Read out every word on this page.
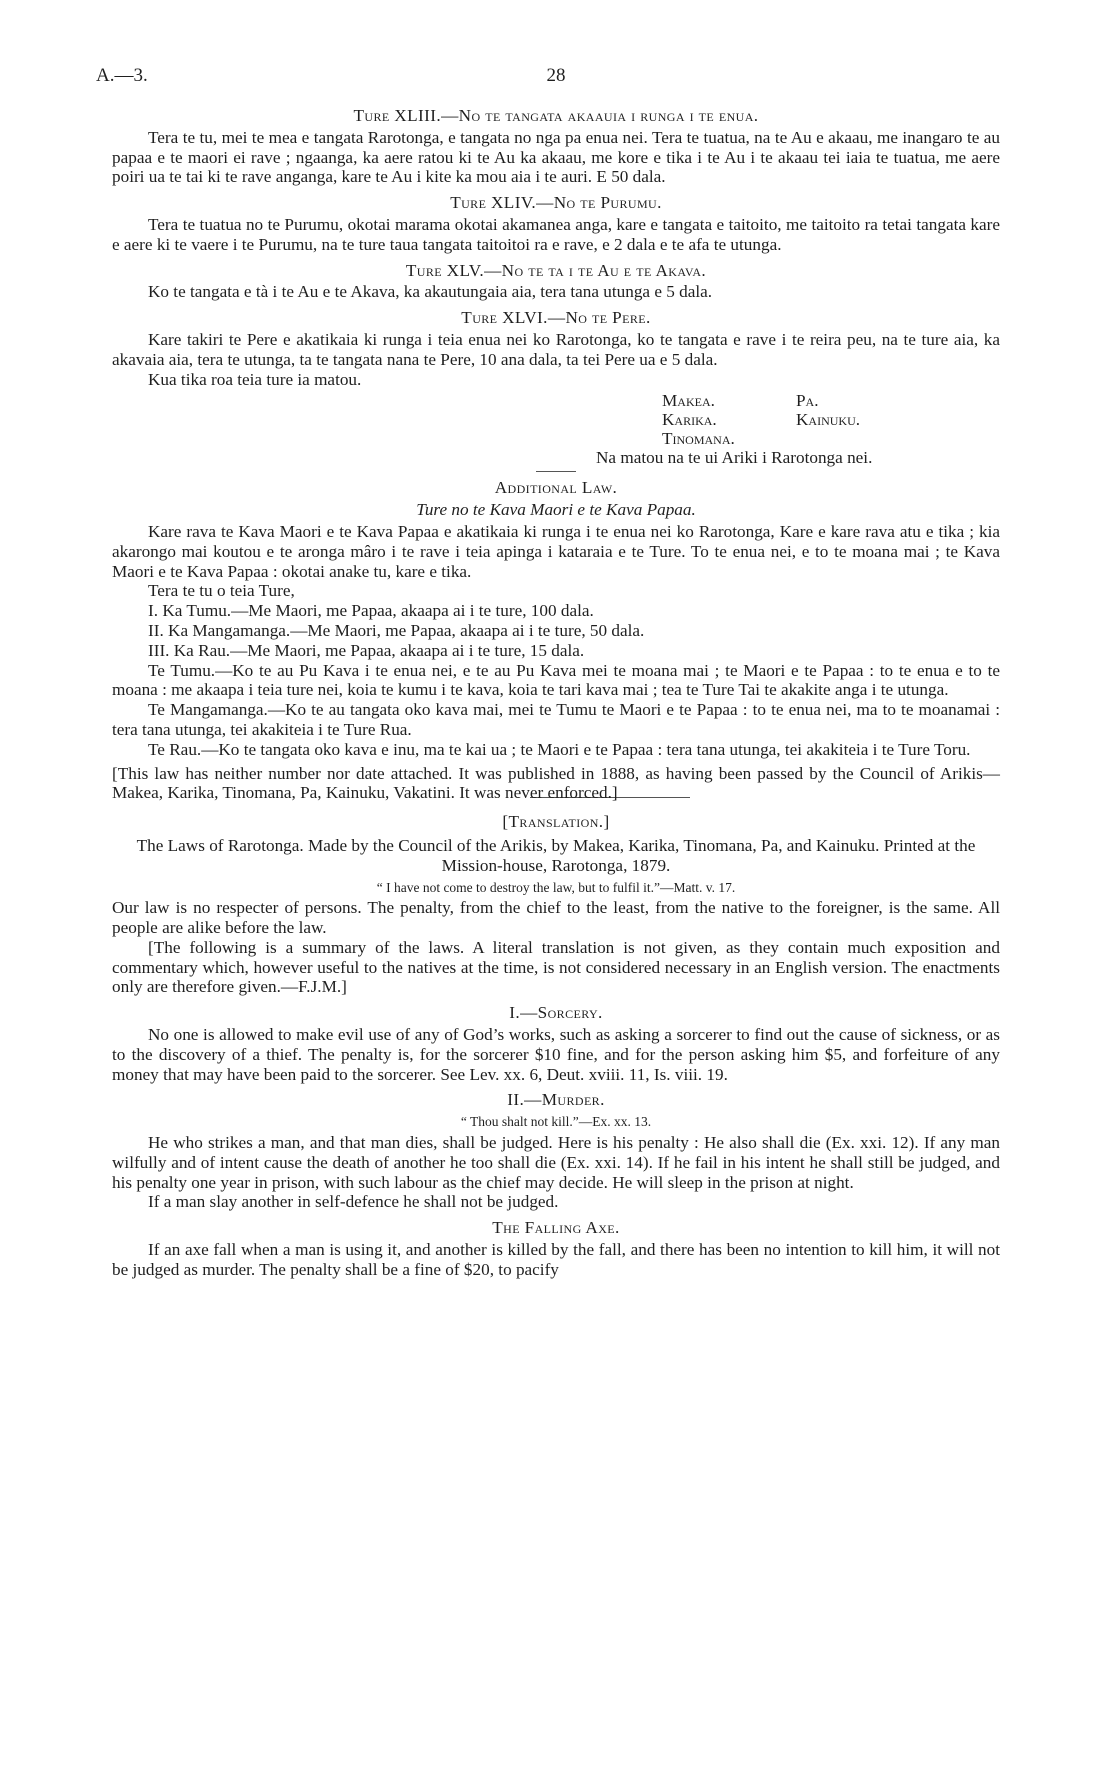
A.—3.	28
Ture XLIII.—No te tangata akaauia i runga i te enua.

Tera te tu, mei te mea e tangata Rarotonga, e tangata no nga pa enua nei. Tera te tuatua, na te Au e akaau, me inangaro te au papaa e te maori ei rave ; ngaanga, ka aere ratou ki te Au ka akaau, me kore e tika i te Au i te akaau tei iaia te tuatua, me aere poiri ua te tai ki te rave anganga, kare te Au i kite ka mou aia i te auri. E 50 dala.

Ture XLIV.—No te Purumu.

Tera te tuatua no te Purumu, okotai marama okotai akamanea anga, kare e tangata e taitoito, me taitoito ra tetai tangata kare e aere ki te vaere i te Purumu, na te ture taua tangata taitoitoi ra e rave, e 2 dala e te afa te utunga.

Ture XLV.—No te ta i te Au e te Akava.

Ko te tangata e tà i te Au e te Akava, ka akautungaia aia, tera tana utunga e 5 dala.

Ture XLVI.—No te Pere.

Kare takiri te Pere e akatikaia ki runga i teia enua nei ko Rarotonga, ko te tangata e rave i te reira peu, na te ture aia, ka akavaia aia, tera te utunga, ta te tangata nana te Pere, 10 ana dala, ta tei Pere ua e 5 dala.

Kua tika roa teia ture ia matou.

Makea.	Pa.
Karika.	Kainuku.
Tinomana.
Na matou na te ui Ariki i Rarotonga nei.
Additional Law.
Ture no te Kava Maori e te Kava Papaa.

Kare rava te Kava Maori e te Kava Papaa e akatikaia ki runga i te enua nei ko Rarotonga, Kare e kare rava atu e tika ; kia akarongo mai koutou e te aronga mâro i te rave i teia apinga i kataraia e te Ture. To te enua nei, e to te moana mai ; te Kava Maori e te Kava Papaa : okotai anake tu, kare e tika.

Tera te tu o teia Ture,

I. Ka Tumu.—Me Maori, me Papaa, akaapa ai i te ture, 100 dala.

II. Ka Mangamanga.—Me Maori, me Papaa, akaapa ai i te ture, 50 dala.

III. Ka Rau.—Me Maori, me Papaa, akaapa ai i te ture, 15 dala.

Te Tumu.—Ko te au Pu Kava i te enua nei, e te au Pu Kava mei te moana mai ; te Maori e te Papaa : to te enua e to te moana : me akaapa i teia ture nei, koia te kumu i te kava, koia te tari kava mai ; tea te Ture Tai te akakite anga i te utunga.

Te Mangamanga.—Ko te au tangata oko kava mai, mei te Tumu te Maori e te Papaa : to te enua nei, ma to te moanamai : tera tana utunga, tei akakiteia i te Ture Rua.

Te Rau.—Ko te tangata oko kava e inu, ma te kai ua ; te Maori e te Papaa : tera tana utunga, tei akakiteia i te Ture Toru.

[This law has neither number nor date attached. It was published in 1888, as having been passed by the Council of Arikis—Makea, Karika, Tinomana, Pa, Kainuku, Vakatini. It was never enforced.]

[Translation.]
The Laws of Rarotonga. Made by the Council of the Arikis, by Makea, Karika, Tinomana, Pa, and Kainuku. Printed at the Mission-house, Rarotonga, 1879.
“ I have not come to destroy the law, but to fulfil it.”—Matt. v. 17.

Our law is no respecter of persons. The penalty, from the chief to the least, from the native to the foreigner, is the same. All people are alike before the law.

[The following is a summary of the laws. A literal translation is not given, as they contain much exposition and commentary which, however useful to the natives at the time, is not considered necessary in an English version. The enactments only are therefore given.—F.J.M.]

I.—Sorcery.

No one is allowed to make evil use of any of God’s works, such as asking a sorcerer to find out the cause of sickness, or as to the discovery of a thief. The penalty is, for the sorcerer $10 fine, and for the person asking him $5, and forfeiture of any money that may have been paid to the sorcerer. See Lev. xx. 6, Deut. xviii. 11, Is. viii. 19.

II.—Murder.
“ Thou shalt not kill.”—Ex. xx. 13.

He who strikes a man, and that man dies, shall be judged. Here is his penalty : He also shall die (Ex. xxi. 12). If any man wilfully and of intent cause the death of another he too shall die (Ex. xxi. 14). If he fail in his intent he shall still be judged, and his penalty one year in prison, with such labour as the chief may decide. He will sleep in the prison at night.

If a man slay another in self-defence he shall not be judged.

The Falling Axe.

If an axe fall when a man is using it, and another is killed by the fall, and there has been no intention to kill him, it will not be judged as murder. The penalty shall be a fine of $20, to pacify
